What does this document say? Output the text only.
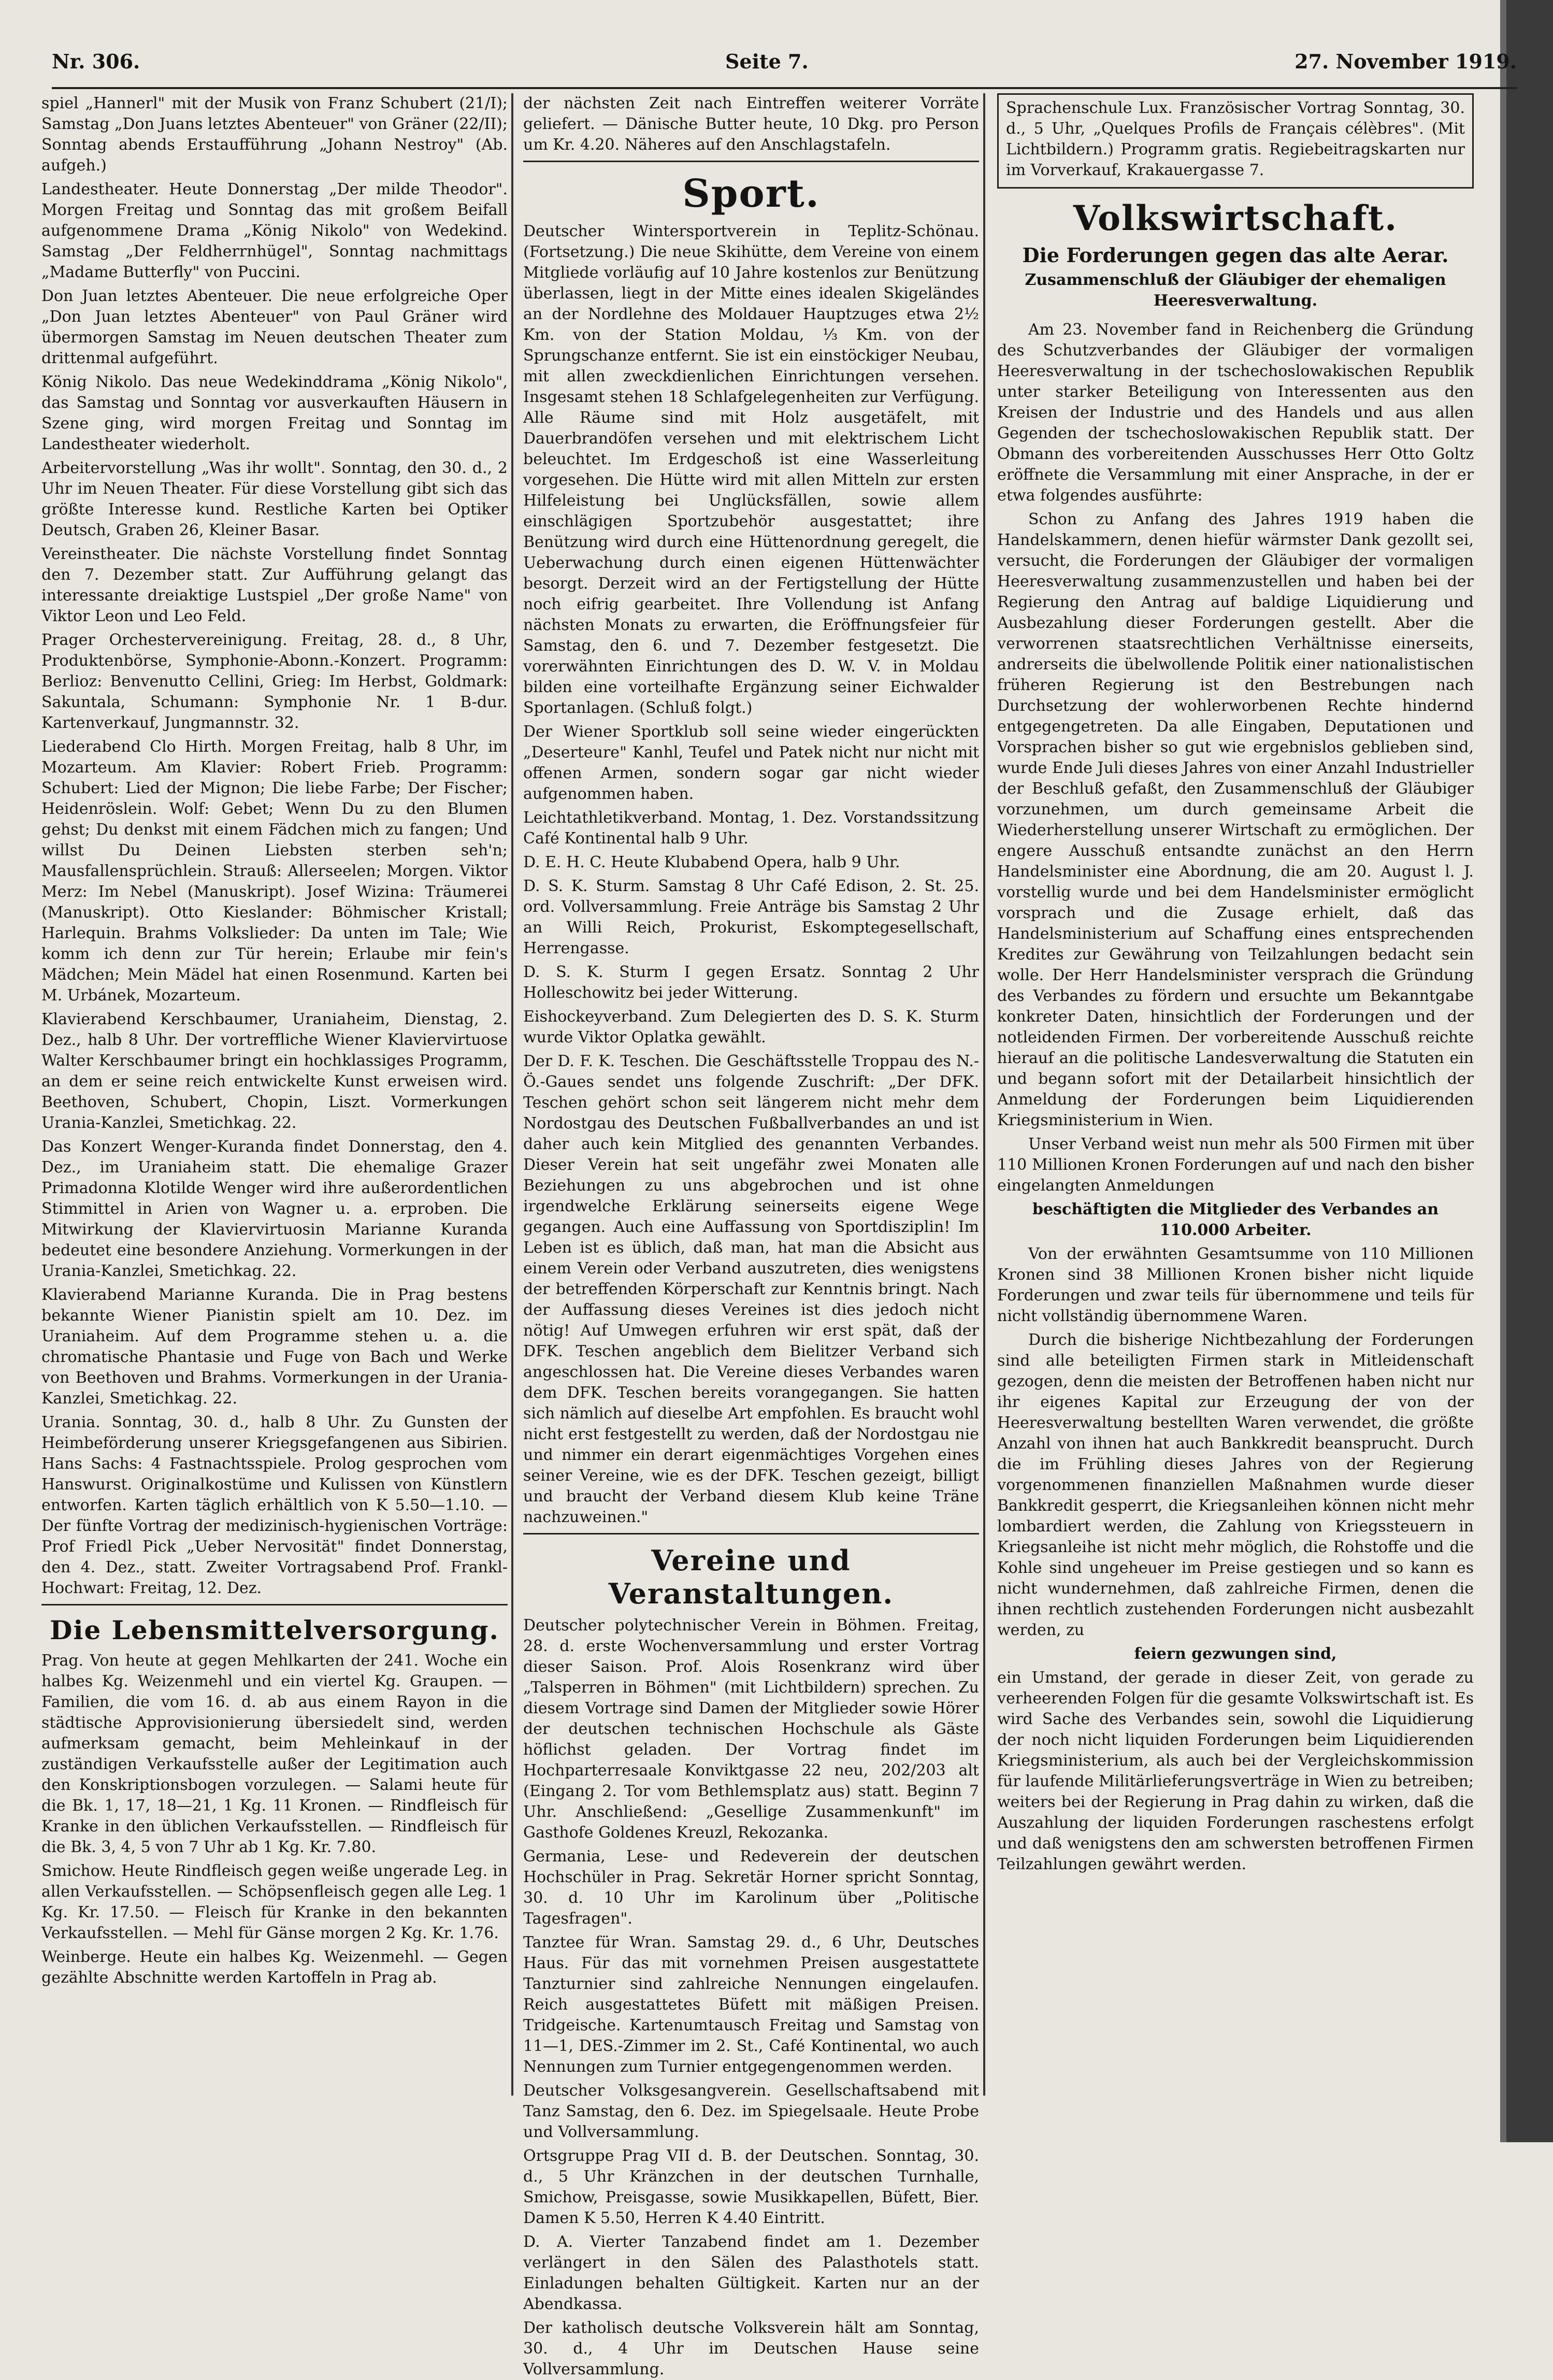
Nr. 306.	Seite 7.	27. November 1919.

spiel „Hannerl" mit der Musik von Franz Schubert (21/I); Samstag „Don Juans letztes Abenteuer" von Gräner (22/II); Sonntag abends Erstaufführung „Johann Nestroy" (Ab. aufgeh.)

Landestheater. Heute Donnerstag „Der milde Theodor". Morgen Freitag und Sonntag das mit großem Beifall aufgenommene Drama „König Nikolo" von Wedekind. Samstag „Der Feldherrnhügel", Sonntag nachmittags „Madame Butterfly" von Puccini.

Don Juan letztes Abenteuer. Die neue erfolgreiche Oper „Don Juan letztes Abenteuer" von Paul Gräner wird übermorgen Samstag im Neuen deutschen Theater zum drittenmal aufgeführt.

König Nikolo. Das neue Wedekinddrama „König Nikolo", das Samstag und Sonntag vor ausverkauften Häusern in Szene ging, wird morgen Freitag und Sonntag im Landestheater wiederholt.

Arbeitervorstellung „Was ihr wollt". Sonntag, den 30. d., 2 Uhr im Neuen Theater. Für diese Vorstellung gibt sich das größte Interesse kund. Restliche Karten bei Optiker Deutsch, Graben 26, Kleiner Basar.

Vereinstheater. Die nächste Vorstellung findet Sonntag den 7. Dezember statt. Zur Aufführung gelangt das interessante dreiaktige Lustspiel „Der große Name" von Viktor Leon und Leo Feld.

Prager Orchestervereinigung. Freitag, 28. d., 8 Uhr, Produktenbörse, Symphonie-Abonn.-Konzert. Programm: Berlioz: Benvenutto Cellini, Grieg: Im Herbst, Goldmark: Sakuntala, Schumann: Symphonie Nr. 1 B-dur. Kartenverkauf, Jungmannstr. 32.

Liederabend Clo Hirth. Morgen Freitag, halb 8 Uhr, im Mozarteum. Am Klavier: Robert Frieb. Programm: Schubert: Lied der Mignon; Die liebe Farbe; Der Fischer; Heidenröslein. Wolf: Gebet; Wenn Du zu den Blumen gehst; Du denkst mit einem Fädchen mich zu fangen; Und willst Du Deinen Liebsten sterben seh'n; Mausfallensprüchlein. Strauß: Allerseelen; Morgen. Viktor Merz: Im Nebel (Manuskript). Josef Wizina: Träumerei (Manuskript). Otto Kieslander: Böhmischer Kristall; Harlequin. Brahms Volkslieder: Da unten im Tale; Wie komm ich denn zur Tür herein; Erlaube mir fein's Mädchen; Mein Mädel hat einen Rosenmund. Karten bei M. Urbánek, Mozarteum.

Klavierabend Kerschbaumer, Uraniaheim, Dienstag, 2. Dez., halb 8 Uhr. Der vortreffliche Wiener Klaviervirtuose Walter Kerschbaumer bringt ein hochklassiges Programm, an dem er seine reich entwickelte Kunst erweisen wird. Beethoven, Schubert, Chopin, Liszt. Vormerkungen Urania-Kanzlei, Smetichkag. 22.

Das Konzert Wenger-Kuranda findet Donnerstag, den 4. Dez., im Uraniaheim statt. Die ehemalige Grazer Primadonna Klotilde Wenger wird ihre außerordentlichen Stimmittel in Arien von Wagner u. a. erproben. Die Mitwirkung der Klaviervirtuosin Marianne Kuranda bedeutet eine besondere Anziehung. Vormerkungen in der Urania-Kanzlei, Smetichkag. 22.

Klavierabend Marianne Kuranda. Die in Prag bestens bekannte Wiener Pianistin spielt am 10. Dez. im Uraniaheim. Auf dem Programme stehen u. a. die chromatische Phantasie und Fuge von Bach und Werke von Beethoven und Brahms. Vormerkungen in der Urania-Kanzlei, Smetichkag. 22.

Urania. Sonntag, 30. d., halb 8 Uhr. Zu Gunsten der Heimbeförderung unserer Kriegsgefangenen aus Sibirien. Hans Sachs: 4 Fastnachtsspiele. Prolog gesprochen vom Hanswurst. Originalkostüme und Kulissen von Künstlern entworfen. Karten täglich erhältlich von K 5.50—1.10. — Der fünfte Vortrag der medizinisch-hygienischen Vorträge: Prof Friedl Pick „Ueber Nervosität" findet Donnerstag, den 4. Dez., statt. Zweiter Vortragsabend Prof. Frankl-Hochwart: Freitag, 12. Dez.

Die Lebensmittelversorgung.

Prag. Von heute at gegen Mehlkarten der 241. Woche ein halbes Kg. Weizenmehl und ein viertel Kg. Graupen. — Familien, die vom 16. d. ab aus einem Rayon in die städtische Approvisionierung übersiedelt sind, werden aufmerksam gemacht, beim Mehleinkauf in der zuständigen Verkaufsstelle außer der Legitimation auch den Konskriptionsbogen vorzulegen. — Salami heute für die Bk. 1, 17, 18—21, 1 Kg. 11 Kronen. — Rindfleisch für Kranke in den üblichen Verkaufsstellen. — Rindfleisch für die Bk. 3, 4, 5 von 7 Uhr ab 1 Kg. Kr. 7.80.

Smichow. Heute Rindfleisch gegen weiße ungerade Leg. in allen Verkaufsstellen. — Schöpsenfleisch gegen alle Leg. 1 Kg. Kr. 17.50. — Fleisch für Kranke in den bekannten Verkaufsstellen. — Mehl für Gänse morgen 2 Kg. Kr. 1.76.

Weinberge. Heute ein halbes Kg. Weizenmehl. — Gegen gezählte Abschnitte werden Kartoffeln in Prag ab.

der nächsten Zeit nach Eintreffen weiterer Vorräte geliefert. — Dänische Butter heute, 10 Dkg. pro Person um Kr. 4.20. Näheres auf den Anschlagstafeln.

Sport.

Deutscher Wintersportverein in Teplitz-Schönau. (Fortsetzung.) Die neue Skihütte, dem Vereine von einem Mitgliede vorläufig auf 10 Jahre kostenlos zur Benützung überlassen, liegt in der Mitte eines idealen Skigeländes an der Nordlehne des Moldauer Hauptzuges etwa 2½ Km. von der Station Moldau, ⅓ Km. von der Sprungschanze entfernt. Sie ist ein einstöckiger Neubau, mit allen zweckdienlichen Einrichtungen versehen. Insgesamt stehen 18 Schlafgelegenheiten zur Verfügung. Alle Räume sind mit Holz ausgetäfelt, mit Dauerbrandöfen versehen und mit elektrischem Licht beleuchtet. Im Erdgeschoß ist eine Wasserleitung vorgesehen. Die Hütte wird mit allen Mitteln zur ersten Hilfeleistung bei Unglücksfällen, sowie allem einschlägigen Sportzubehör ausgestattet; ihre Benützung wird durch eine Hüttenordnung geregelt, die Ueberwachung durch einen eigenen Hüttenwächter besorgt. Derzeit wird an der Fertigstellung der Hütte noch eifrig gearbeitet. Ihre Vollendung ist Anfang nächsten Monats zu erwarten, die Eröffnungsfeier für Samstag, den 6. und 7. Dezember festgesetzt. Die vorerwähnten Einrichtungen des D. W. V. in Moldau bilden eine vorteilhafte Ergänzung seiner Eichwalder Sportanlagen. (Schluß folgt.)

Der Wiener Sportklub soll seine wieder eingerückten „Deserteure" Kanhl, Teufel und Patek nicht nur nicht mit offenen Armen, sondern sogar gar nicht wieder aufgenommen haben.

Leichtathletikverband. Montag, 1. Dez. Vorstandssitzung Café Kontinental halb 9 Uhr.

D. E. H. C. Heute Klubabend Opera, halb 9 Uhr.

D. S. K. Sturm. Samstag 8 Uhr Café Edison, 2. St. 25. ord. Vollversammlung. Freie Anträge bis Samstag 2 Uhr an Willi Reich, Prokurist, Eskomptegesellschaft, Herrengasse.

D. S. K. Sturm I gegen Ersatz. Sonntag 2 Uhr Holleschowitz bei jeder Witterung.

Eishockeyverband. Zum Delegierten des D. S. K. Sturm wurde Viktor Oplatka gewählt.

Der D. F. K. Teschen. Die Geschäftsstelle Troppau des N.-Ö.-Gaues sendet uns folgende Zuschrift: „Der DFK. Teschen gehört schon seit längerem nicht mehr dem Nordostgau des Deutschen Fußballverbandes an und ist daher auch kein Mitglied des genannten Verbandes. Dieser Verein hat seit ungefähr zwei Monaten alle Beziehungen zu uns abgebrochen und ist ohne irgendwelche Erklärung seinerseits eigene Wege gegangen. Auch eine Auffassung von Sportdisziplin! Im Leben ist es üblich, daß man, hat man die Absicht aus einem Verein oder Verband auszutreten, dies wenigstens der betreffenden Körperschaft zur Kenntnis bringt. Nach der Auffassung dieses Vereines ist dies jedoch nicht nötig! Auf Umwegen erfuhren wir erst spät, daß der DFK. Teschen angeblich dem Bielitzer Verband sich angeschlossen hat. Die Vereine dieses Verbandes waren dem DFK. Teschen bereits vorangegangen. Sie hatten sich nämlich auf dieselbe Art empfohlen. Es braucht wohl nicht erst festgestellt zu werden, daß der Nordostgau nie und nimmer ein derart eigenmächtiges Vorgehen eines seiner Vereine, wie es der DFK. Teschen gezeigt, billigt und braucht der Verband diesem Klub keine Träne nachzuweinen."

Vereine und Veranstaltungen.

Deutscher polytechnischer Verein in Böhmen. Freitag, 28. d. erste Wochenversammlung und erster Vortrag dieser Saison. Prof. Alois Rosenkranz wird über „Talsperren in Böhmen" (mit Lichtbildern) sprechen. Zu diesem Vortrage sind Damen der Mitglieder sowie Hörer der deutschen technischen Hochschule als Gäste höflichst geladen. Der Vortrag findet im Hochparterresaale Konviktgasse 22 neu, 202/203 alt (Eingang 2. Tor vom Bethlemsplatz aus) statt. Beginn 7 Uhr. Anschließend: „Gesellige Zusammenkunft" im Gasthofe Goldenes Kreuzl, Rekozanka.

Germania, Lese- und Redeverein der deutschen Hochschüler in Prag. Sekretär Horner spricht Sonntag, 30. d. 10 Uhr im Karolinum über „Politische Tagesfragen".

Tanztee für Wran. Samstag 29. d., 6 Uhr, Deutsches Haus. Für das mit vornehmen Preisen ausgestattete Tanzturnier sind zahlreiche Nennungen eingelaufen. Reich ausgestattetes Büfett mit mäßigen Preisen. Tridgeische. Kartenumtausch Freitag und Samstag von 11—1, DES.-Zimmer im 2. St., Café Kontinental, wo auch Nennungen zum Turnier entgegengenommen werden.

Deutscher Volksgesangverein. Gesellschaftsabend mit Tanz Samstag, den 6. Dez. im Spiegelsaale. Heute Probe und Vollversammlung.

Ortsgruppe Prag VII d. B. der Deutschen. Sonntag, 30. d., 5 Uhr Kränzchen in der deutschen Turnhalle, Smichow, Preisgasse, sowie Musikkapellen, Büfett, Bier. Damen K 5.50, Herren K 4.40 Eintritt.

D. A. Vierter Tanzabend findet am 1. Dezember verlängert in den Sälen des Palasthotels statt. Einladungen behalten Gültigkeit. Karten nur an der Abendkassa.

Der katholisch deutsche Volksverein hält am Sonntag, 30. d., 4 Uhr im Deutschen Hause seine Vollversammlung.

Sprachenschule Lux. Französischer Vortrag Sonntag, 30. d., 5 Uhr, „Quelques Profils de Français célèbres". (Mit Lichtbildern.) Programm gratis. Regiebeitragskarten nur im Vorverkauf, Krakauergasse 7.

Volkswirtschaft.
Die Forderungen gegen das alte Aerar.
Zusammenschluß der Gläubiger der ehemaligen Heeresverwaltung.

Am 23. November fand in Reichenberg die Gründung des Schutzverbandes der Gläubiger der vormaligen Heeresverwaltung in der tschechoslowakischen Republik unter starker Beteiligung von Interessenten aus den Kreisen der Industrie und des Handels und aus allen Gegenden der tschechoslowakischen Republik statt. Der Obmann des vorbereitenden Ausschusses Herr Otto Goltz eröffnete die Versammlung mit einer Ansprache, in der er etwa folgendes ausführte:

Schon zu Anfang des Jahres 1919 haben die Handelskammern, denen hiefür wärmster Dank gezollt sei, versucht, die Forderungen der Gläubiger der vormaligen Heeresverwaltung zusammenzustellen und haben bei der Regierung den Antrag auf baldige Liquidierung und Ausbezahlung dieser Forderungen gestellt. Aber die verworrenen staatsrechtlichen Verhältnisse einerseits, andrerseits die übelwollende Politik einer nationalistischen früheren Regierung ist den Bestrebungen nach Durchsetzung der wohlerworbenen Rechte hindernd entgegengetreten. Da alle Eingaben, Deputationen und Vorsprachen bisher so gut wie ergebnislos geblieben sind, wurde Ende Juli dieses Jahres von einer Anzahl Industrieller der Beschluß gefaßt, den Zusammenschluß der Gläubiger vorzunehmen, um durch gemeinsame Arbeit die Wiederherstellung unserer Wirtschaft zu ermöglichen. Der engere Ausschuß entsandte zunächst an den Herrn Handelsminister eine Abordnung, die am 20. August l. J. vorstellig wurde und bei dem Handelsminister ermöglicht vorsprach und die Zusage erhielt, daß das Handelsministerium auf Schaffung eines entsprechenden Kredites zur Gewährung von Teilzahlungen bedacht sein wolle. Der Herr Handelsminister versprach die Gründung des Verbandes zu fördern und ersuchte um Bekanntgabe konkreter Daten, hinsichtlich der Forderungen und der notleidenden Firmen. Der vorbereitende Ausschuß reichte hierauf an die politische Landesverwaltung die Statuten ein und begann sofort mit der Detailarbeit hinsichtlich der Anmeldung der Forderungen beim Liquidierenden Kriegsministerium in Wien.

Unser Verband weist nun mehr als 500 Firmen mit über 110 Millionen Kronen Forderungen auf und nach den bisher eingelangten Anmeldungen

beschäftigten die Mitglieder des Verbandes an 110.000 Arbeiter.

Von der erwähnten Gesamtsumme von 110 Millionen Kronen sind 38 Millionen Kronen bisher nicht liquide Forderungen und zwar teils für übernommene und teils für nicht vollständig übernommene Waren.

Durch die bisherige Nichtbezahlung der Forderungen sind alle beteiligten Firmen stark in Mitleidenschaft gezogen, denn die meisten der Betroffenen haben nicht nur ihr eigenes Kapital zur Erzeugung der von der Heeresverwaltung bestellten Waren verwendet, die größte Anzahl von ihnen hat auch Bankkredit beansprucht. Durch die im Frühling dieses Jahres von der Regierung vorgenommenen finanziellen Maßnahmen wurde dieser Bankkredit gesperrt, die Kriegsanleihen können nicht mehr lombardiert werden, die Zahlung von Kriegssteuern in Kriegsanleihe ist nicht mehr möglich, die Rohstoffe und die Kohle sind ungeheuer im Preise gestiegen und so kann es nicht wundernehmen, daß zahlreiche Firmen, denen die ihnen rechtlich zustehenden Forderungen nicht ausbezahlt werden, zu

feiern gezwungen sind,

ein Umstand, der gerade in dieser Zeit, von gerade zu verheerenden Folgen für die gesamte Volkswirtschaft ist. Es wird Sache des Verbandes sein, sowohl die Liquidierung der noch nicht liquiden Forderungen beim Liquidierenden Kriegsministerium, als auch bei der Vergleichskommission für laufende Militärlieferungsverträge in Wien zu betreiben; weiters bei der Regierung in Prag dahin zu wirken, daß die Auszahlung der liquiden Forderungen raschestens erfolgt und daß wenigstens den am schwersten betroffenen Firmen Teilzahlungen gewährt werden.
